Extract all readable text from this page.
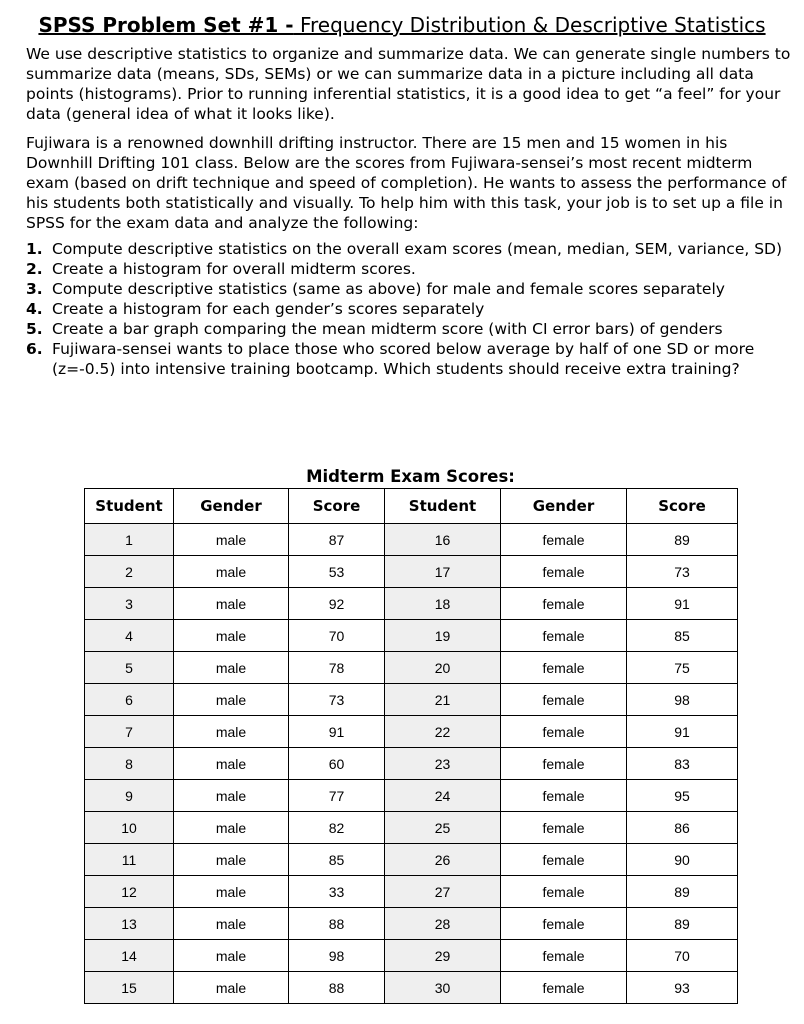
SPSS Problem Set #1 - Frequency Distribution & Descriptive Statistics

We use descriptive statistics to organize and summarize data. We can generate single numbers to summarize data (means, SDs, SEMs) or we can summarize data in a picture including all data points (histograms). Prior to running inferential statistics, it is a good idea to get “a feel” for your data (general idea of what it looks like).

Fujiwara is a renowned downhill drifting instructor. There are 15 men and 15 women in his Downhill Drifting 101 class. Below are the scores from Fujiwara-sensei’s most recent midterm exam (based on drift technique and speed of completion). He wants to assess the performance of his students both statistically and visually. To help him with this task, your job is to set up a file in SPSS for the exam data and analyze the following:

1. Compute descriptive statistics on the overall exam scores (mean, median, SEM, variance, SD)
2. Create a histogram for overall midterm scores.
3. Compute descriptive statistics (same as above) for male and female scores separately
4. Create a histogram for each gender’s scores separately
5. Create a bar graph comparing the mean midterm score (with CI error bars) of genders
6. Fujiwara-sensei wants to place those who scored below average by half of one SD or more (z=-0.5) into intensive training bootcamp. Which students should receive extra training?
Midterm Exam Scores:
Student	Gender	Score	Student	Gender	Score
1	male	87	16	female	89
2	male	53	17	female	73
3	male	92	18	female	91
4	male	70	19	female	85
5	male	78	20	female	75
6	male	73	21	female	98
7	male	91	22	female	91
8	male	60	23	female	83
9	male	77	24	female	95
10	male	82	25	female	86
11	male	85	26	female	90
12	male	33	27	female	89
13	male	88	28	female	89
14	male	98	29	female	70
15	male	88	30	female	93
